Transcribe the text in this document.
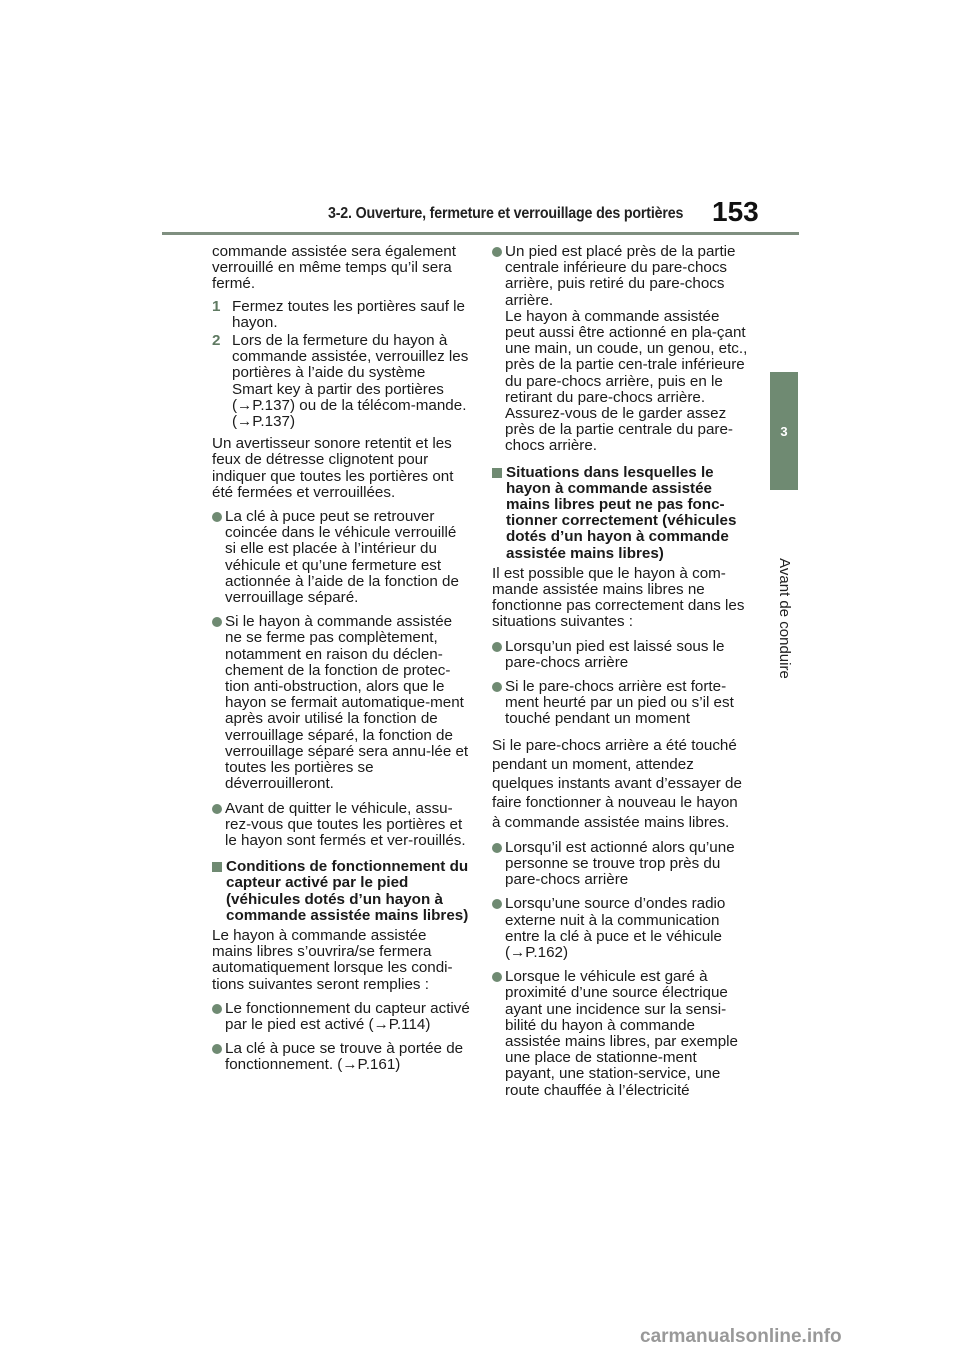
3-2. Ouverture, fermeture et verrouillage des portières 153
3
Avant de conduire

commande assistée sera également verrouillé en même temps qu’il sera fermé.

1 Fermez toutes les portières sauf le hayon.
2 Lors de la fermeture du hayon à commande assistée, verrouillez les portières à l’aide du système Smart key à partir des portières (→P.137) ou de la télécom-mande. (→P.137)

Un avertisseur sonore retentit et les feux de détresse clignotent pour indiquer que toutes les portières ont été fermées et verrouillées.

La clé à puce peut se retrouver coincée dans le véhicule verrouillé si elle est placée à l’intérieur du véhicule et qu’une fermeture est actionnée à l’aide de la fonction de verrouillage séparé.
Si le hayon à commande assistée ne se ferme pas complètement, notamment en raison du déclen-chement de la fonction de protec-tion anti-obstruction, alors que le hayon se fermait automatique-ment après avoir utilisé la fonction de verrouillage séparé, la fonction de verrouillage séparé sera annu-lée et toutes les portières se déverrouilleront.
Avant de quitter le véhicule, assu-rez-vous que toutes les portières et le hayon sont fermés et ver-rouillés.
Conditions de fonctionnement du capteur activé par le pied (véhicules dotés d’un hayon à commande assistée mains libres)

Le hayon à commande assistée mains libres s’ouvrira/se fermera automatiquement lorsque les condi-tions suivantes seront remplies :

Le fonctionnement du capteur activé par le pied est activé (→P.114)
La clé à puce se trouve à portée de fonctionnement. (→P.161)
Un pied est placé près de la partie centrale inférieure du pare-chocs arrière, puis retiré du pare-chocs arrière.
Le hayon à commande assistée peut aussi être actionné en pla-çant une main, un coude, un genou, etc., près de la partie cen-trale inférieure du pare-chocs arrière, puis en le retirant du pare-chocs arrière. Assurez-vous de le garder assez près de la partie centrale du pare-chocs arrière.
Situations dans lesquelles le hayon à commande assistée mains libres peut ne pas fonc-tionner correctement (véhicules dotés d’un hayon à commande assistée mains libres)

Il est possible que le hayon à com-mande assistée mains libres ne fonctionne pas correctement dans les situations suivantes :

Lorsqu’un pied est laissé sous le pare-chocs arrière
Si le pare-chocs arrière est forte-ment heurté par un pied ou s’il est touché pendant un moment

Si le pare-chocs arrière a été touché pendant un moment, attendez quelques instants avant d’essayer de faire fonctionner à nouveau le hayon à commande assistée mains libres.

Lorsqu’il est actionné alors qu’une personne se trouve trop près du pare-chocs arrière
Lorsqu’une source d’ondes radio externe nuit à la communication entre la clé à puce et le véhicule (→P.162)
Lorsque le véhicule est garé à proximité d’une source électrique ayant une incidence sur la sensi-bilité du hayon à commande assistée mains libres, par exemple une place de stationne-ment payant, une station-service, une route chauffée à l’électricité
carmanualsonline.info
